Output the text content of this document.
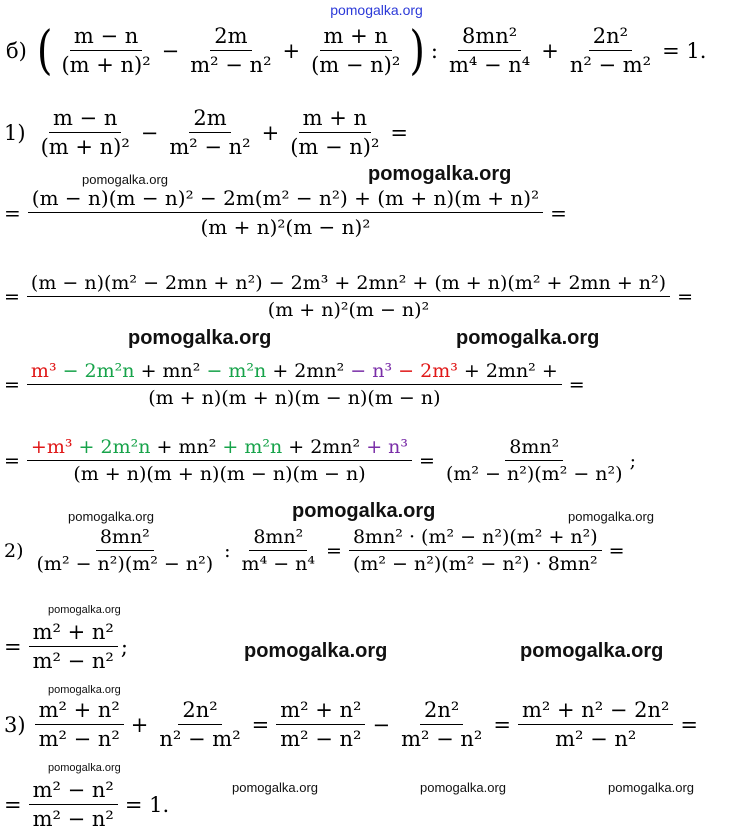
pomogalka.org
б) ( $\frac{m - n}{\text{(m + n)²}} - \frac{2m}{\text{m² − n²}} + \frac{m + n}{\text{(m − n)²}}$ ) : $\frac{\text{8mn²}}{\text{m⁴ − n⁴}} + \frac{\text{2n²}}{\text{n² − m²}} = 1$.
$1) \frac{m - n}{\text{(m + n)²}} - \frac{2m}{\text{m² − n²}} + \frac{m + n}{\text{(m − n)²}}$ =
pomogalka.org	pomogalka.org
= $\frac{\text{(m − n)(m − n)² − 2m(m² − n²) + (m + n)(m + n)²}}{\text{(m + n)²(m − n)²}}$ =
= $\frac{\text{(m − n)(m² − 2mn + n²) − 2m³ + 2mn² + (m + n)(m² + 2mn + n²)}}{\text{(m + n)²(m − n)²}}$ =
pomogalka.org	pomogalka.org
= $\frac{\text{m³ − 2m²n + mn² − m²n + 2mn² − n³ − 2m³ + 2mn² +}}{(m + n)(m + n)(m - n)(m - n)}$ =
= $\frac{\text{+m³ + 2m²n + mn² + m²n + 2mn² + n³}}{(m + n)(m + n)(m - n)(m - n)} = \frac{\text{8mn²}}{\text{(m² − n²)(m² − n²)}}$ ;
pomogalka.org	pomogalka.org	pomogalka.org
$2) \frac{\text{8mn²}}{\text{(m² − n²)(m² − n²)}}$ : $\frac{\text{8mn²}}{\text{m⁴ − n⁴}} = \frac{\text{8mn² · (m² − n²)(m² + n²)}}{\text{(m² − n²)(m² − n²) · 8mn²}}$ =
pomogalka.org
= $\frac{\text{m² + n²}}{\text{m² − n²}}$ ;	pomogalka.org	pomogalka.org
pomogalka.org
$3) \frac{\text{m² + n²}}{\text{m² − n²}} + \frac{\text{2n²}}{\text{n² − m²}} = \frac{\text{m² + n²}}{\text{m² − n²}} - \frac{\text{2n²}}{\text{m² − n²}} = \frac{\text{m² + n² − 2n²}}{\text{m² − n²}}$ =
pomogalka.org
pomogalka.org	pomogalka.org	pomogalka.org
= $\frac{\text{m² − n²}}{\text{m² − n²}} = 1$.
